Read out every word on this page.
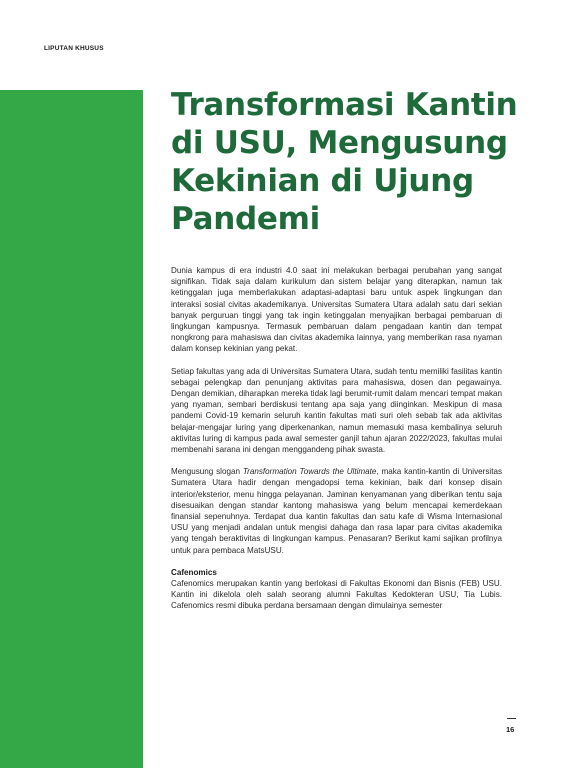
LIPUTAN KHUSUS
Transformasi Kantin
di USU, Mengusung
Kekinian di Ujung
Pandemi

Dunia kampus di era industri 4.0 saat ini melakukan berbagai perubahan yang sangat signifikan. Tidak saja dalam kurikulum dan sistem belajar yang diterapkan, namun tak ketinggalan juga memberlakukan adaptasi-adaptasi baru untuk aspek lingkungan dan interaksi sosial civitas akademikanya. Universitas Sumatera Utara adalah satu dari sekian banyak perguruan tinggi yang tak ingin ketinggalan menyajikan berbagai pembaruan di lingkungan kampusnya. Termasuk pembaruan dalam pengadaan kantin dan tempat nongkrong para mahasiswa dan civitas akademika lainnya, yang memberikan rasa nyaman dalam konsep kekinian yang pekat.

Setiap fakultas yang ada di Universitas Sumatera Utara, sudah tentu memiliki fasilitas kantin sebagai pelengkap dan penunjang aktivitas para mahasiswa, dosen dan pegawainya. Dengan demikian, diharapkan mereka tidak lagi berumit-rumit dalam mencari tempat makan yang nyaman, sembari berdiskusi tentang apa saja yang diinginkan. Meskipun di masa pandemi Covid-19 kemarin seluruh kantin fakultas mati suri oleh sebab tak ada aktivitas belajar-mengajar luring yang diperkenankan, namun memasuki masa kembalinya seluruh aktivitas luring di kampus pada awal semester ganjil tahun ajaran 2022/2023, fakultas mulai membenahi sarana ini dengan menggandeng pihak swasta.

Mengusung slogan Transformation Towards the Ultimate, maka kantin-kantin di Universitas Sumatera Utara hadir dengan mengadopsi tema kekinian, baik dari konsep disain interior/eksterior, menu hingga pelayanan. Jaminan kenyamanan yang diberikan tentu saja disesuaikan dengan standar kantong mahasiswa yang belum mencapai kemerdekaan finansial sepenuhnya. Terdapat dua kantin fakultas dan satu kafe di Wisma Internasional USU yang menjadi andalan untuk mengisi dahaga dan rasa lapar para civitas akademika yang tengah beraktivitas di lingkungan kampus. Penasaran? Berikut kami sajikan profilnya untuk para pembaca MatsUSU.

Cafenomics

Cafenomics merupakan kantin yang berlokasi di Fakultas Ekonomi dan Bisnis (FEB) USU. Kantin ini dikelola oleh salah seorang alumni Fakultas Kedokteran USU, Tia Lubis. Cafenomics resmi dibuka perdana bersamaan dengan dimulainya semester

16
